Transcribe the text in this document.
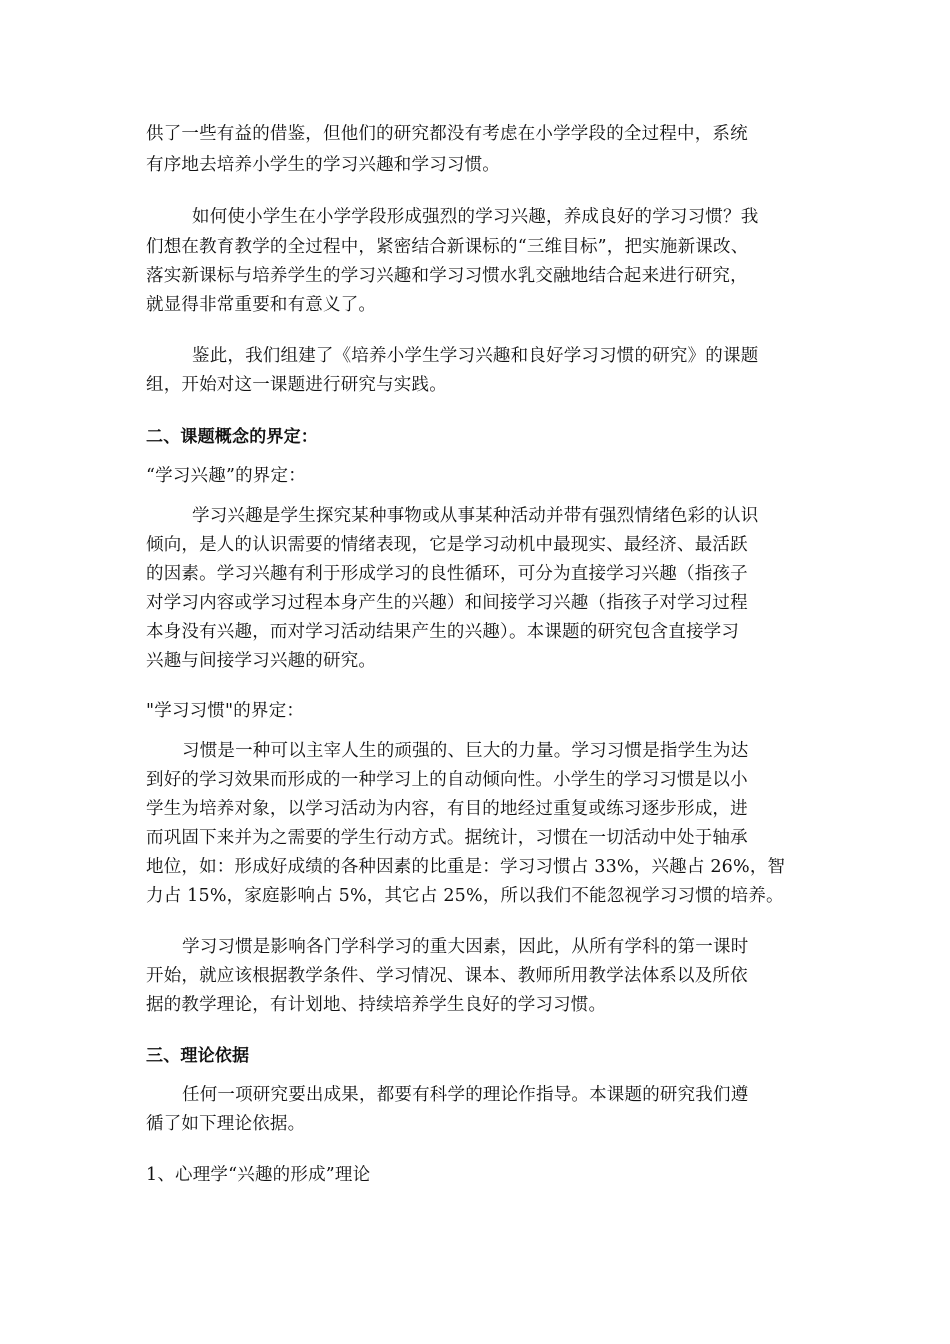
供了一些有益的借鉴，但他们的研究都没有考虑在小学学段的全过程中，系统
有序地去培养小学生的学习兴趣和学习习惯。
如何使小学生在小学学段形成强烈的学习兴趣，养成良好的学习习惯？我
们想在教育教学的全过程中，紧密结合新课标的“三维目标”，把实施新课改、
落实新课标与培养学生的学习兴趣和学习习惯水乳交融地结合起来进行研究，
就显得非常重要和有意义了。
鉴此，我们组建了《培养小学生学习兴趣和良好学习习惯的研究》的课题
组，开始对这一课题进行研究与实践。
二、课题概念的界定：
“学习兴趣”的界定：
学习兴趣是学生探究某种事物或从事某种活动并带有强烈情绪色彩的认识
倾向，是人的认识需要的情绪表现，它是学习动机中最现实、最经济、最活跃
的因素。学习兴趣有利于形成学习的良性循环，可分为直接学习兴趣（指孩子
对学习内容或学习过程本身产生的兴趣）和间接学习兴趣（指孩子对学习过程
本身没有兴趣，而对学习活动结果产生的兴趣）。本课题的研究包含直接学习
兴趣与间接学习兴趣的研究。
"学习习惯"的界定：
习惯是一种可以主宰人生的顽强的、巨大的力量。学习习惯是指学生为达
到好的学习效果而形成的一种学习上的自动倾向性。小学生的学习习惯是以小
学生为培养对象，以学习活动为内容，有目的地经过重复或练习逐步形成，进
而巩固下来并为之需要的学生行动方式。据统计，习惯在一切活动中处于轴承
地位，如：形成好成绩的各种因素的比重是：学习习惯占 33%，兴趣占 26%，智
力占 15%，家庭影响占 5%，其它占 25%，所以我们不能忽视学习习惯的培养。
学习习惯是影响各门学科学习的重大因素，因此，从所有学科的第一课时
开始，就应该根据教学条件、学习情况、课本、教师所用教学法体系以及所依
据的教学理论，有计划地、持续培养学生良好的学习习惯。
三、理论依据
任何一项研究要出成果，都要有科学的理论作指导。本课题的研究我们遵
循了如下理论依据。
1、心理学“兴趣的形成”理论
